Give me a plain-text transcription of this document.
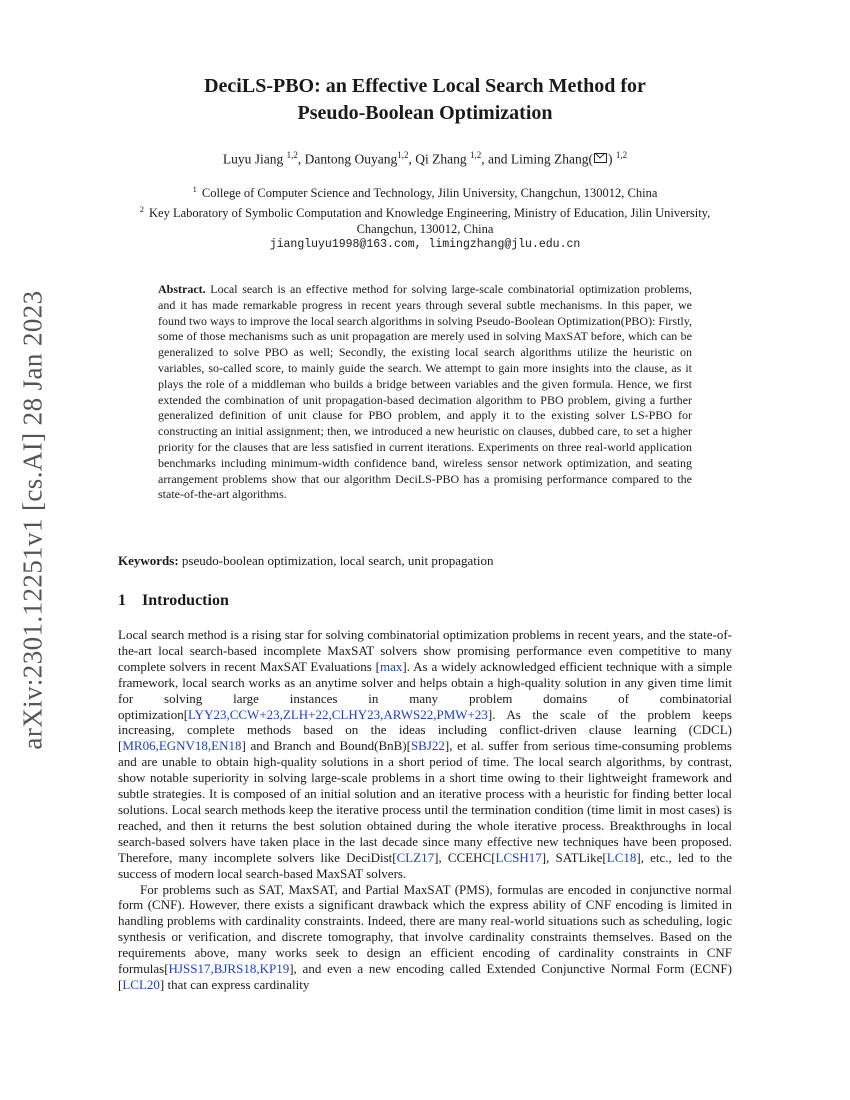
arXiv:2301.12251v1 [cs.AI] 28 Jan 2023
DeciLS-PBO: an Effective Local Search Method for
Pseudo-Boolean Optimization
Luyu Jiang $^{1,2}$, Dantong Ouyang$^{1,2}$, Qi Zhang $^{1,2}$, and Liming Zhang( ) $^{1,2}$
$^1$ College of Computer Science and Technology, Jilin University, Changchun, 130012, China
$^2$ Key Laboratory of Symbolic Computation and Knowledge Engineering, Ministry of Education, Jilin University, Changchun, 130012, China
jiangluyu1998@163.com, limingzhang@jlu.edu.cn

Abstract. Local search is an effective method for solving large-scale combinatorial optimization problems, and it has made remarkable progress in recent years through several subtle mechanisms. In this paper, we found two ways to improve the local search algorithms in solving Pseudo-Boolean Optimization(PBO): Firstly, some of those mechanisms such as unit propagation are merely used in solving MaxSAT before, which can be generalized to solve PBO as well; Secondly, the existing local search algorithms utilize the heuristic on variables, so-called score, to mainly guide the search. We attempt to gain more insights into the clause, as it plays the role of a middleman who builds a bridge between variables and the given formula. Hence, we first extended the combination of unit propagation-based decimation algorithm to PBO problem, giving a further generalized definition of unit clause for PBO problem, and apply it to the existing solver LS-PBO for constructing an initial assignment; then, we introduced a new heuristic on clauses, dubbed care, to set a higher priority for the clauses that are less satisfied in current iterations. Experiments on three real-world application benchmarks including minimum-width confidence band, wireless sensor network optimization, and seating arrangement problems show that our algorithm DeciLS-PBO has a promising performance compared to the state-of-the-art algorithms.

Keywords: pseudo-boolean optimization, local search, unit propagation

1 Introduction

Local search method is a rising star for solving combinatorial optimization problems in recent years, and the state-of-the-art local search-based incomplete MaxSAT solvers show promising performance even competitive to many complete solvers in recent MaxSAT Evaluations [max]. As a widely acknowledged efficient technique with a simple framework, local search works as an anytime solver and helps obtain a high-quality solution in any given time limit for solving large instances in many problem domains of combinatorial optimization[LYY23,CCW+23,ZLH+22,CLHY23,ARWS22,PMW+23]. As the scale of the problem keeps increasing, complete methods based on the ideas including conflict-driven clause learning (CDCL)[MR06,EGNV18,EN18] and Branch and Bound(BnB)[SBJ22], et al. suffer from serious time-consuming problems and are unable to obtain high-quality solutions in a short period of time. The local search algorithms, by contrast, show notable superiority in solving large-scale problems in a short time owing to their lightweight framework and subtle strategies. It is composed of an initial solution and an iterative process with a heuristic for finding better local solutions. Local search methods keep the iterative process until the termination condition (time limit in most cases) is reached, and then it returns the best solution obtained during the whole iterative process. Breakthroughs in local search-based solvers have taken place in the last decade since many effective new techniques have been proposed. Therefore, many incomplete solvers like DeciDist[CLZ17], CCEHC[LCSH17], SATLike[LC18], etc., led to the success of modern local search-based MaxSAT solvers.

For problems such as SAT, MaxSAT, and Partial MaxSAT (PMS), formulas are encoded in conjunctive normal form (CNF). However, there exists a significant drawback which the express ability of CNF encoding is limited in handling problems with cardinality constraints. Indeed, there are many real-world situations such as scheduling, logic synthesis or verification, and discrete tomography, that involve cardinality constraints themselves. Based on the requirements above, many works seek to design an efficient encoding of cardinality constraints in CNF formulas[HJSS17,BJRS18,KP19], and even a new encoding called Extended Conjunctive Normal Form (ECNF)[LCL20] that can express cardinality
